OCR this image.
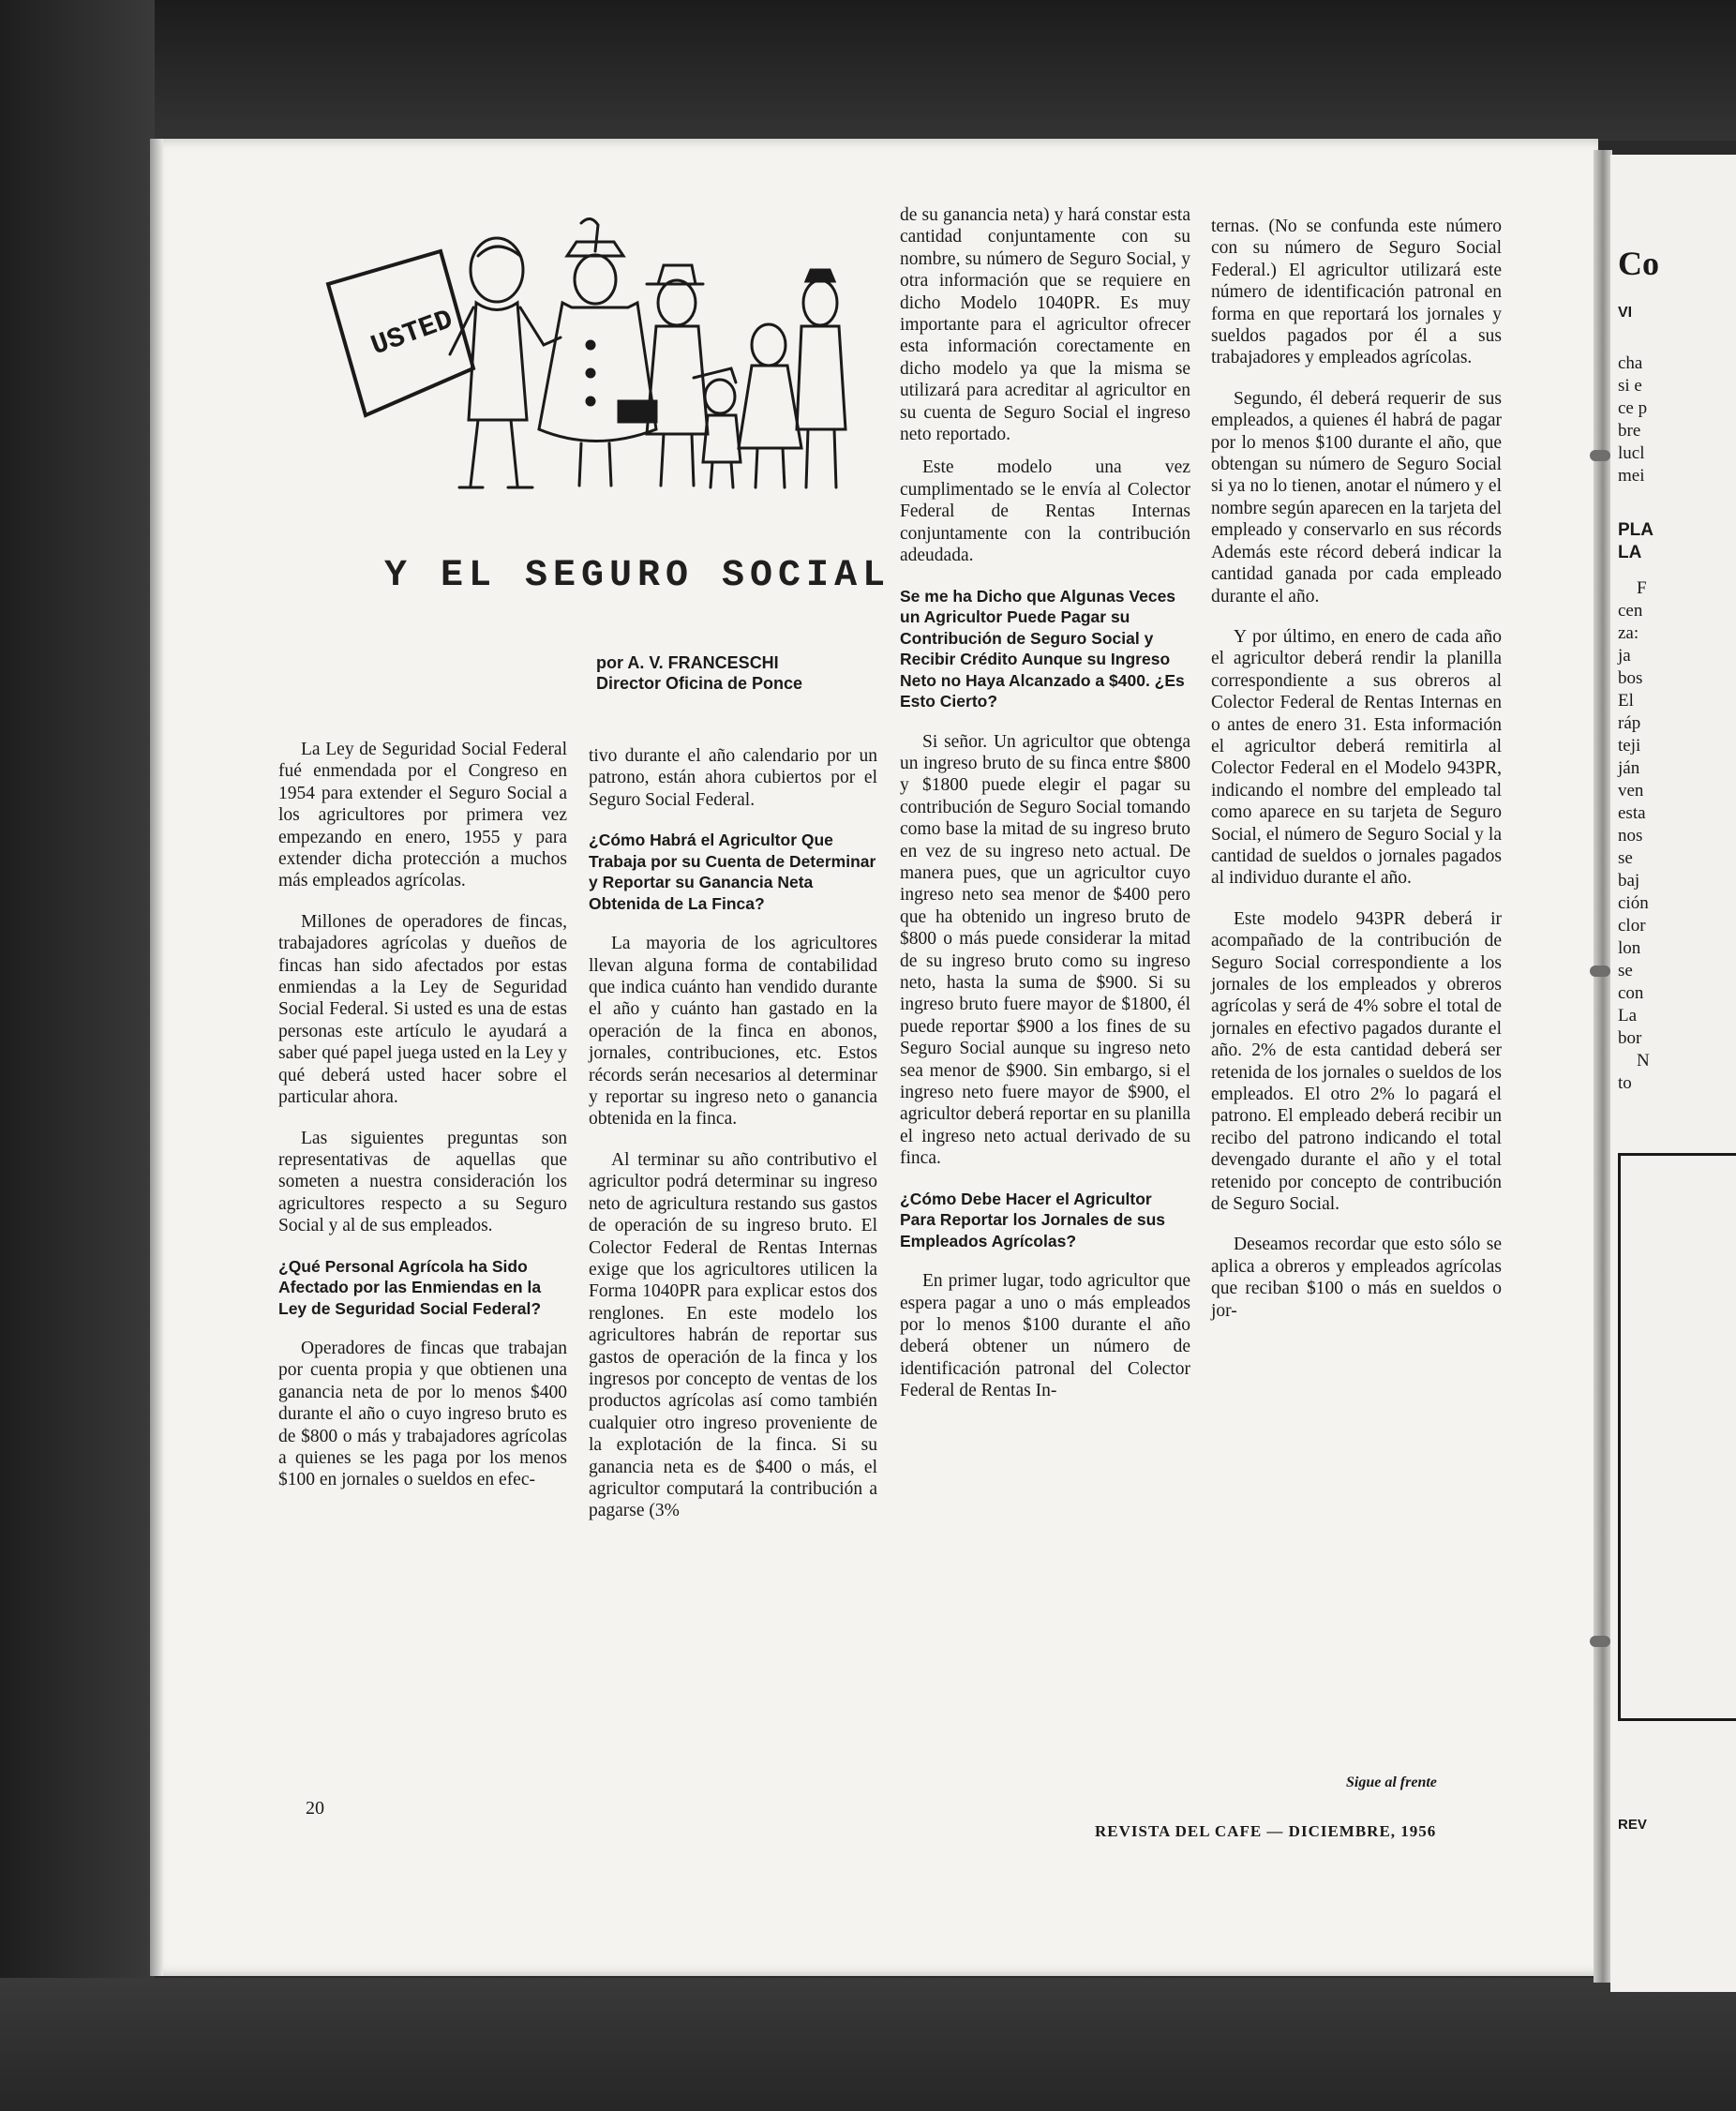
USTED
Y EL SEGURO SOCIAL
por A. V. FRANCESCHI
Director Oficina de Ponce

La Ley de Seguridad Social Federal fué enmendada por el Congreso en 1954 para extender el Seguro Social a los agricultores por primera vez empezando en enero, 1955 y para extender dicha protección a muchos más empleados agrícolas.

Millones de operadores de fincas, trabajadores agrícolas y dueños de fincas han sido afectados por estas enmiendas a la Ley de Seguridad Social Federal. Si usted es una de estas personas este artículo le ayudará a saber qué papel juega usted en la Ley y qué deberá usted hacer sobre el particular ahora.

Las siguientes preguntas son representativas de aquellas que someten a nuestra consideración los agricultores respecto a su Seguro Social y al de sus empleados.

¿Qué Personal Agrícola ha Sido Afectado por las Enmiendas en la Ley de Seguridad Social Federal?

Operadores de fincas que trabajan por cuenta propia y que obtienen una ganancia neta de por lo menos $400 durante el año o cuyo ingreso bruto es de $800 o más y trabajadores agrícolas a quienes se les paga por los menos $100 en jornales o sueldos en efec-

tivo durante el año calendario por un patrono, están ahora cubiertos por el Seguro Social Federal.

¿Cómo Habrá el Agricultor Que Trabaja por su Cuenta de Determinar y Reportar su Ganancia Neta Obtenida de La Finca?

La mayoria de los agricultores llevan alguna forma de contabilidad que indica cuánto han vendido durante el año y cuánto han gastado en la operación de la finca en abonos, jornales, contribuciones, etc. Estos récords serán necesarios al determinar y reportar su ingreso neto o ganancia obtenida en la finca.

Al terminar su año contributivo el agricultor podrá determinar su ingreso neto de agricultura restando sus gastos de operación de su ingreso bruto. El Colector Federal de Rentas Internas exige que los agricultores utilicen la Forma 1040PR para explicar estos dos renglones. En este modelo los agricultores habrán de reportar sus gastos de operación de la finca y los ingresos por concepto de ventas de los productos agrícolas así como también cualquier otro ingreso proveniente de la explotación de la finca. Si su ganancia neta es de $400 o más, el agricultor computará la contribución a pagarse (3%

de su ganancia neta) y hará constar esta cantidad conjuntamente con su nombre, su número de Seguro Social, y otra información que se requiere en dicho Modelo 1040PR. Es muy importante para el agricultor ofrecer esta información corectamente en dicho modelo ya que la misma se utilizará para acreditar al agricultor en su cuenta de Seguro Social el ingreso neto reportado.

Este modelo una vez cumplimentado se le envía al Colector Federal de Rentas Internas conjuntamente con la contribución adeudada.

Se me ha Dicho que Algunas Veces un Agricultor Puede Pagar su Contribución de Seguro Social y Recibir Crédito Aunque su Ingreso Neto no Haya Alcanzado a $400. ¿Es Esto Cierto?

Si señor. Un agricultor que obtenga un ingreso bruto de su finca entre $800 y $1800 puede elegir el pagar su contribución de Seguro Social tomando como base la mitad de su ingreso bruto en vez de su ingreso neto actual. De manera pues, que un agricultor cuyo ingreso neto sea menor de $400 pero que ha obtenido un ingreso bruto de $800 o más puede considerar la mitad de su ingreso bruto como su ingreso neto, hasta la suma de $900. Si su ingreso bruto fuere mayor de $1800, él puede reportar $900 a los fines de su Seguro Social aunque su ingreso neto sea menor de $900. Sin embargo, si el ingreso neto fuere mayor de $900, el agricultor deberá reportar en su planilla el ingreso neto actual derivado de su finca.

¿Cómo Debe Hacer el Agricultor Para Reportar los Jornales de sus Empleados Agrícolas?

En primer lugar, todo agricultor que espera pagar a uno o más empleados por lo menos $100 durante el año deberá obtener un número de identificación patronal del Colector Federal de Rentas In-

ternas. (No se confunda este número con su número de Seguro Social Federal.) El agricultor utilizará este número de identificación patronal en forma en que reportará los jornales y sueldos pagados por él a sus trabajadores y empleados agrícolas.

Segundo, él deberá requerir de sus empleados, a quienes él habrá de pagar por lo menos $100 durante el año, que obtengan su número de Seguro Social si ya no lo tienen, anotar el número y el nombre según aparecen en la tarjeta del empleado y conservarlo en sus récords Además este récord deberá indicar la cantidad ganada por cada empleado durante el año.

Y por último, en enero de cada año el agricultor deberá rendir la planilla correspondiente a sus obreros al Colector Federal de Rentas Internas en o antes de enero 31. Esta información el agricultor deberá remitirla al Colector Federal en el Modelo 943PR, indicando el nombre del empleado tal como aparece en su tarjeta de Seguro Social, el número de Seguro Social y la cantidad de sueldos o jornales pagados al individuo durante el año.

Este modelo 943PR deberá ir acompañado de la contribución de Seguro Social correspondiente a los jornales de los empleados y obreros agrícolas y será de 4% sobre el total de jornales en efectivo pagados durante el año. 2% de esta cantidad deberá ser retenida de los jornales o sueldos de los empleados. El otro 2% lo pagará el patrono. El empleado deberá recibir un recibo del patrono indicando el total devengado durante el año y el total retenido por concepto de contribución de Seguro Social.

Deseamos recordar que esto sólo se aplica a obreros y empleados agrícolas que reciban $100 o más en sueldos o jor-

Sigue al frente
20
REVISTA DEL CAFE — DICIEMBRE, 1956
Co
VI
cha
si e
ce p
bre
lucl
mei
PLA
LA
F
cen
za:
ja
bos
El
ráp
teji
ján
ven
esta
nos
se
baj
ción
clor
lon
se
con
La
bor
N
to
REV
